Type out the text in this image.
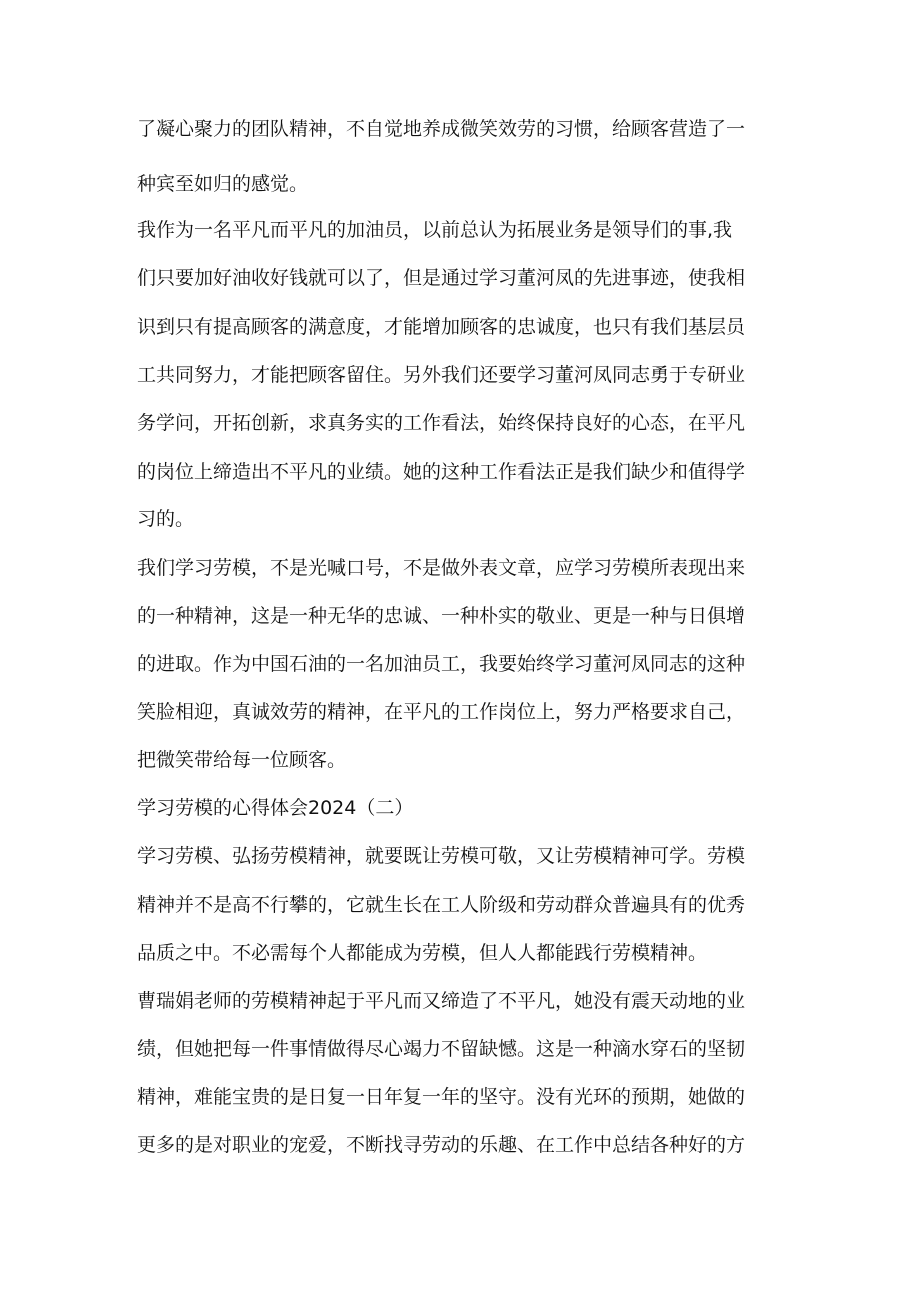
了凝心聚力的团队精神，不自觉地养成微笑效劳的习惯，给顾客营造了一

种宾至如归的感觉。

我作为一名平凡而平凡的加油员，以前总认为拓展业务是领导们的事,我

们只要加好油收好钱就可以了，但是通过学习董河凤的先进事迹，使我相

识到只有提高顾客的满意度，才能增加顾客的忠诚度，也只有我们基层员

工共同努力，才能把顾客留住。另外我们还要学习董河凤同志勇于专研业

务学问，开拓创新，求真务实的工作看法，始终保持良好的心态，在平凡

的岗位上缔造出不平凡的业绩。她的这种工作看法正是我们缺少和值得学

习的。

我们学习劳模，不是光喊口号，不是做外表文章，应学习劳模所表现出来

的一种精神，这是一种无华的忠诚、一种朴实的敬业、更是一种与日俱增

的进取。作为中国石油的一名加油员工，我要始终学习董河凤同志的这种

笑脸相迎，真诚效劳的精神，在平凡的工作岗位上，努力严格要求自己，

把微笑带给每一位顾客。

学习劳模的心得体会2024（二）

学习劳模、弘扬劳模精神，就要既让劳模可敬，又让劳模精神可学。劳模

精神并不是高不行攀的，它就生长在工人阶级和劳动群众普遍具有的优秀

品质之中。不必需每个人都能成为劳模，但人人都能践行劳模精神。

曹瑞娟老师的劳模精神起于平凡而又缔造了不平凡，她没有震天动地的业

绩，但她把每一件事情做得尽心竭力不留缺憾。这是一种滴水穿石的坚韧

精神，难能宝贵的是日复一日年复一年的坚守。没有光环的预期，她做的

更多的是对职业的宠爱，不断找寻劳动的乐趣、在工作中总结各种好的方
